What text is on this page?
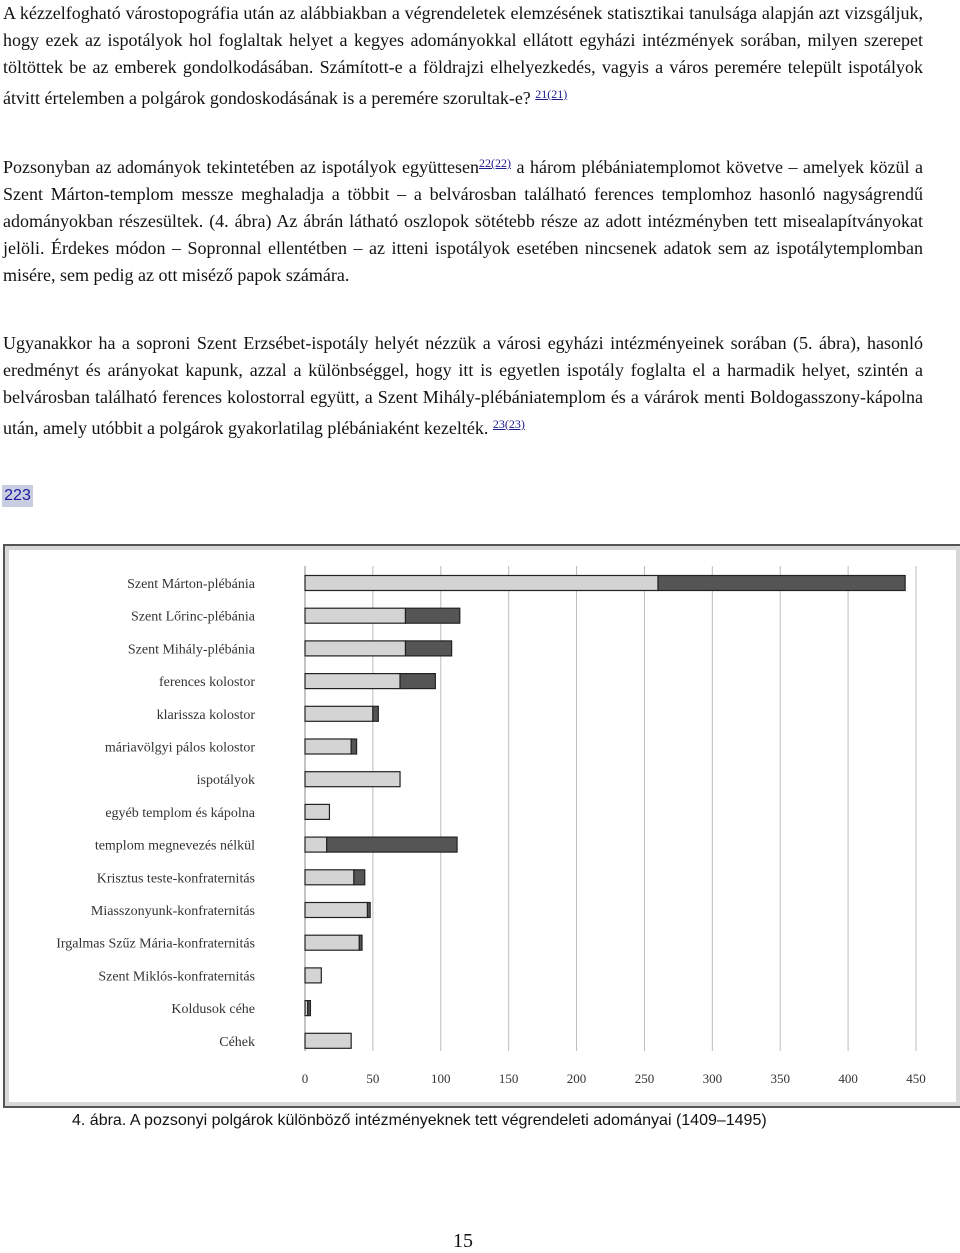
A kézzelfogható várostopográfia után az alábbiakban a végrendeletek elemzésének statisztikai tanulsága alapján azt vizsgáljuk, hogy ezek az ispotályok hol foglaltak helyet a kegyes adományokkal ellátott egyházi intézmények sorában, milyen szerepet töltöttek be az emberek gondolkodásában. Számított-e a földrajzi elhelyezkedés, vagyis a város peremére települt ispotályok átvitt értelemben a polgárok gondoskodásának is a peremére szorultak-e? $^{21(21)}$

Pozsonyban az adományok tekintetében az ispotályok együttesen$^{22(22)}$ a három plébániatemplomot követve – amelyek közül a Szent Márton-templom messze meghaladja a többit – a belvárosban található ferences templomhoz hasonló nagyságrendű adományokban részesültek. (4. ábra) Az ábrán látható oszlopok sötétebb része az adott intézményben tett misealapítványokat jelöli. Érdekes módon – Sopronnal ellentétben – az itteni ispotályok esetében nincsenek adatok sem az ispotálytemplomban misére, sem pedig az ott miséző papok számára.

Ugyanakkor ha a soproni Szent Erzsébet-ispotály helyét nézzük a városi egyházi intézményeinek sorában (5. ábra), hasonló eredményt és arányokat kapunk, azzal a különbséggel, hogy itt is egyetlen ispotály foglalta el a harmadik helyet, szintén a belvárosban található ferences kolostorral együtt, a Szent Mihály-plébániatemplom és a várárok menti Boldogasszony-kápolna után, amely utóbbit a polgárok gyakorlatilag plébániaként kezelték. $^{23(23)}$

223
0	50	100	150	200	250	300	350	400	450
Szent Márton-plébánia
Szent Lőrinc-plébánia
Szent Mihály-plébánia
ferences kolostor
klarissza kolostor
máriavölgyi pálos kolostor
ispotályok
egyéb templom és kápolna
templom megnevezés nélkül
Krisztus teste-konfraternitás
Miasszonyunk-konfraternitás
Irgalmas Szűz Mária-konfraternitás
Szent Miklós-konfraternitás
Koldusok céhe
Céhek
4. ábra. A pozsonyi polgárok különböző intézményeknek tett végrendeleti adományai (1409–1495)
15
